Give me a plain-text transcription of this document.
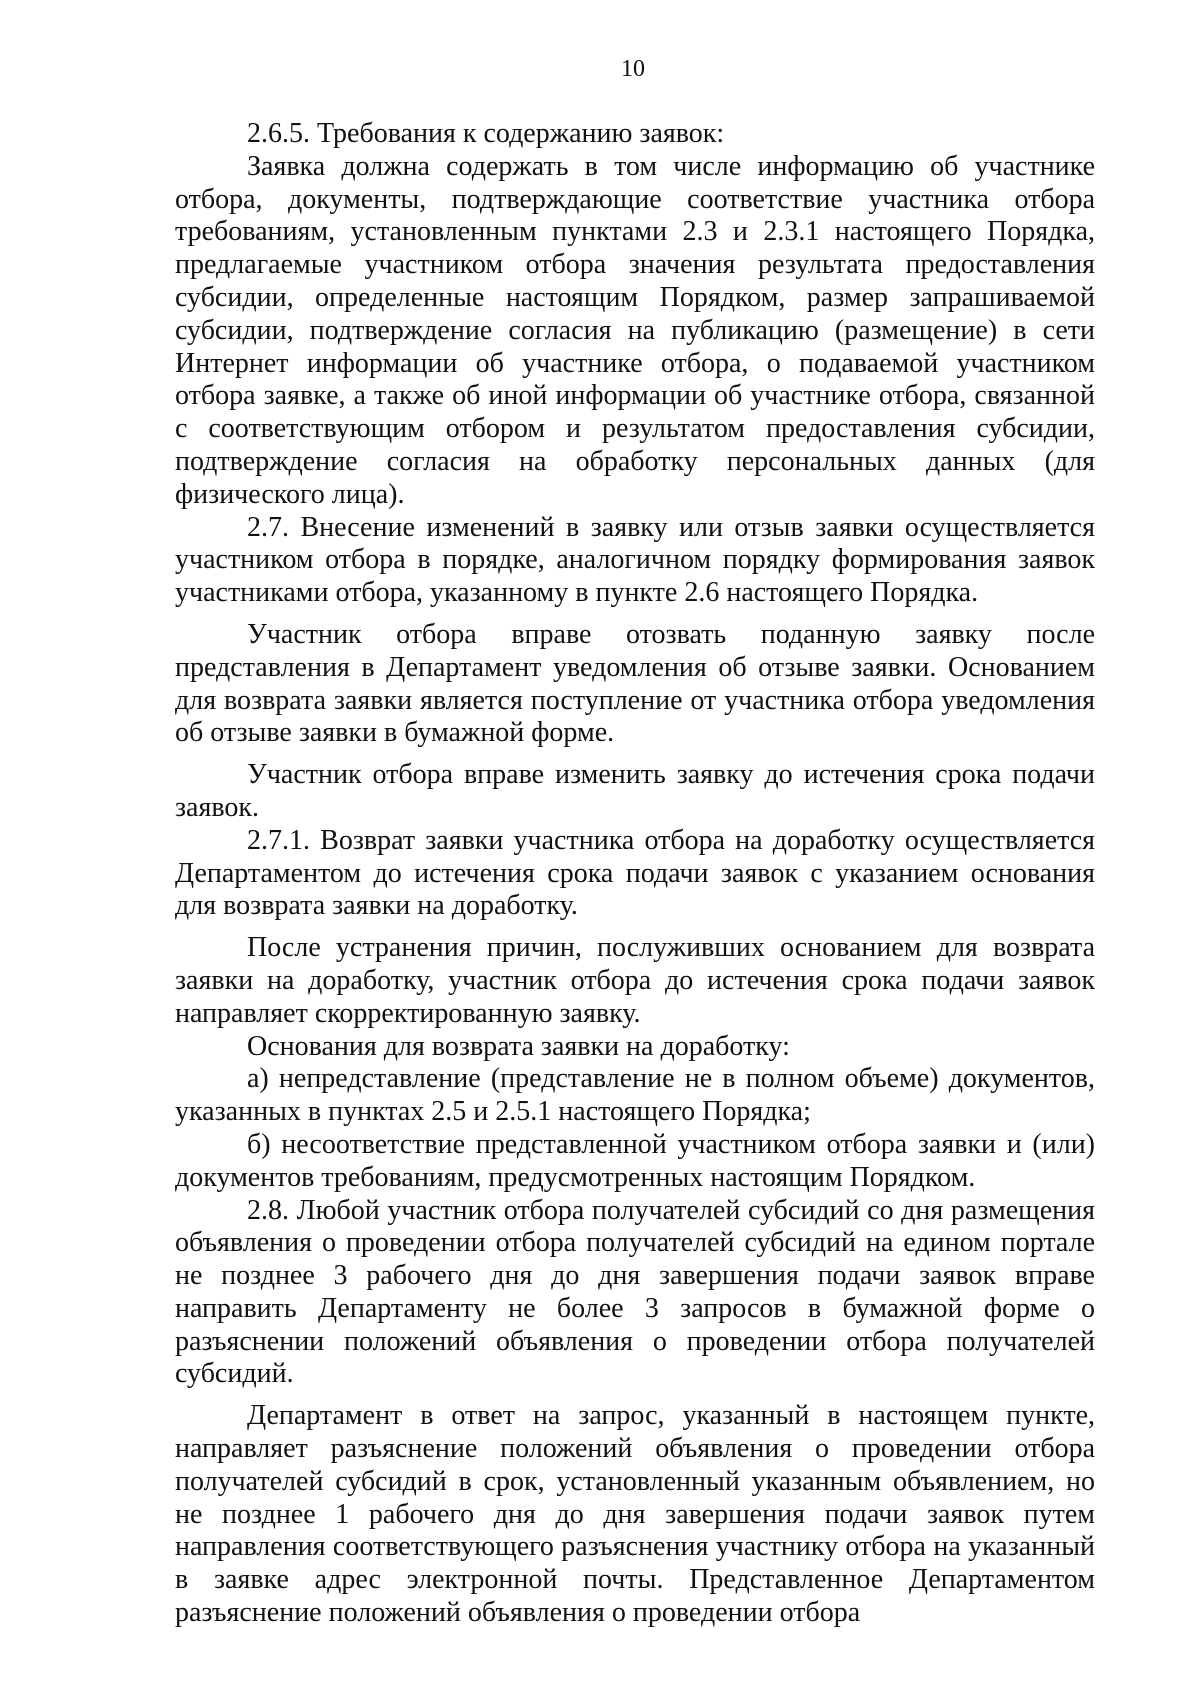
10

2.6.5. Требования к содержанию заявок:

Заявка должна содержать в том числе информацию об участнике отбора, документы, подтверждающие соответствие участника отбора требованиям, установленным пунктами 2.3 и 2.3.1 настоящего Порядка, предлагаемые участником отбора значения результата предоставления субсидии, определенные настоящим Порядком, размер запрашиваемой субсидии, подтверждение согласия на публикацию (размещение) в сети Интернет информации об участнике отбора, о подаваемой участником отбора заявке, а также об иной информации об участнике отбора, связанной с соответствующим отбором и результатом предоставления субсидии, подтверждение согласия на обработку персональных данных (для физического лица).

2.7. Внесение изменений в заявку или отзыв заявки осуществляется участником отбора в порядке, аналогичном порядку формирования заявок участниками отбора, указанному в пункте 2.6 настоящего Порядка.

Участник отбора вправе отозвать поданную заявку после представления в Департамент уведомления об отзыве заявки. Основанием для возврата заявки является поступление от участника отбора уведомления об отзыве заявки в бумажной форме.

Участник отбора вправе изменить заявку до истечения срока подачи заявок.

2.7.1. Возврат заявки участника отбора на доработку осуществляется Департаментом до истечения срока подачи заявок с указанием основания для возврата заявки на доработку.

После устранения причин, послуживших основанием для возврата заявки на доработку, участник отбора до истечения срока подачи заявок направляет скорректированную заявку.

Основания для возврата заявки на доработку:

а) непредставление (представление не в полном объеме) документов, указанных в пунктах 2.5 и 2.5.1 настоящего Порядка;

б) несоответствие представленной участником отбора заявки и (или) документов требованиям, предусмотренных настоящим Порядком.

2.8. Любой участник отбора получателей субсидий со дня размещения объявления о проведении отбора получателей субсидий на едином портале не позднее 3 рабочего дня до дня завершения подачи заявок вправе направить Департаменту не более 3 запросов в бумажной форме о разъяснении положений объявления о проведении отбора получателей субсидий.

Департамент в ответ на запрос, указанный в настоящем пункте, направляет разъяснение положений объявления о проведении отбора получателей субсидий в срок, установленный указанным объявлением, но не позднее 1 рабочего дня до дня завершения подачи заявок путем направления соответствующего разъяснения участнику отбора на указанный в заявке адрес электронной почты. Представленное Департаментом разъяснение положений объявления о проведении отбора
